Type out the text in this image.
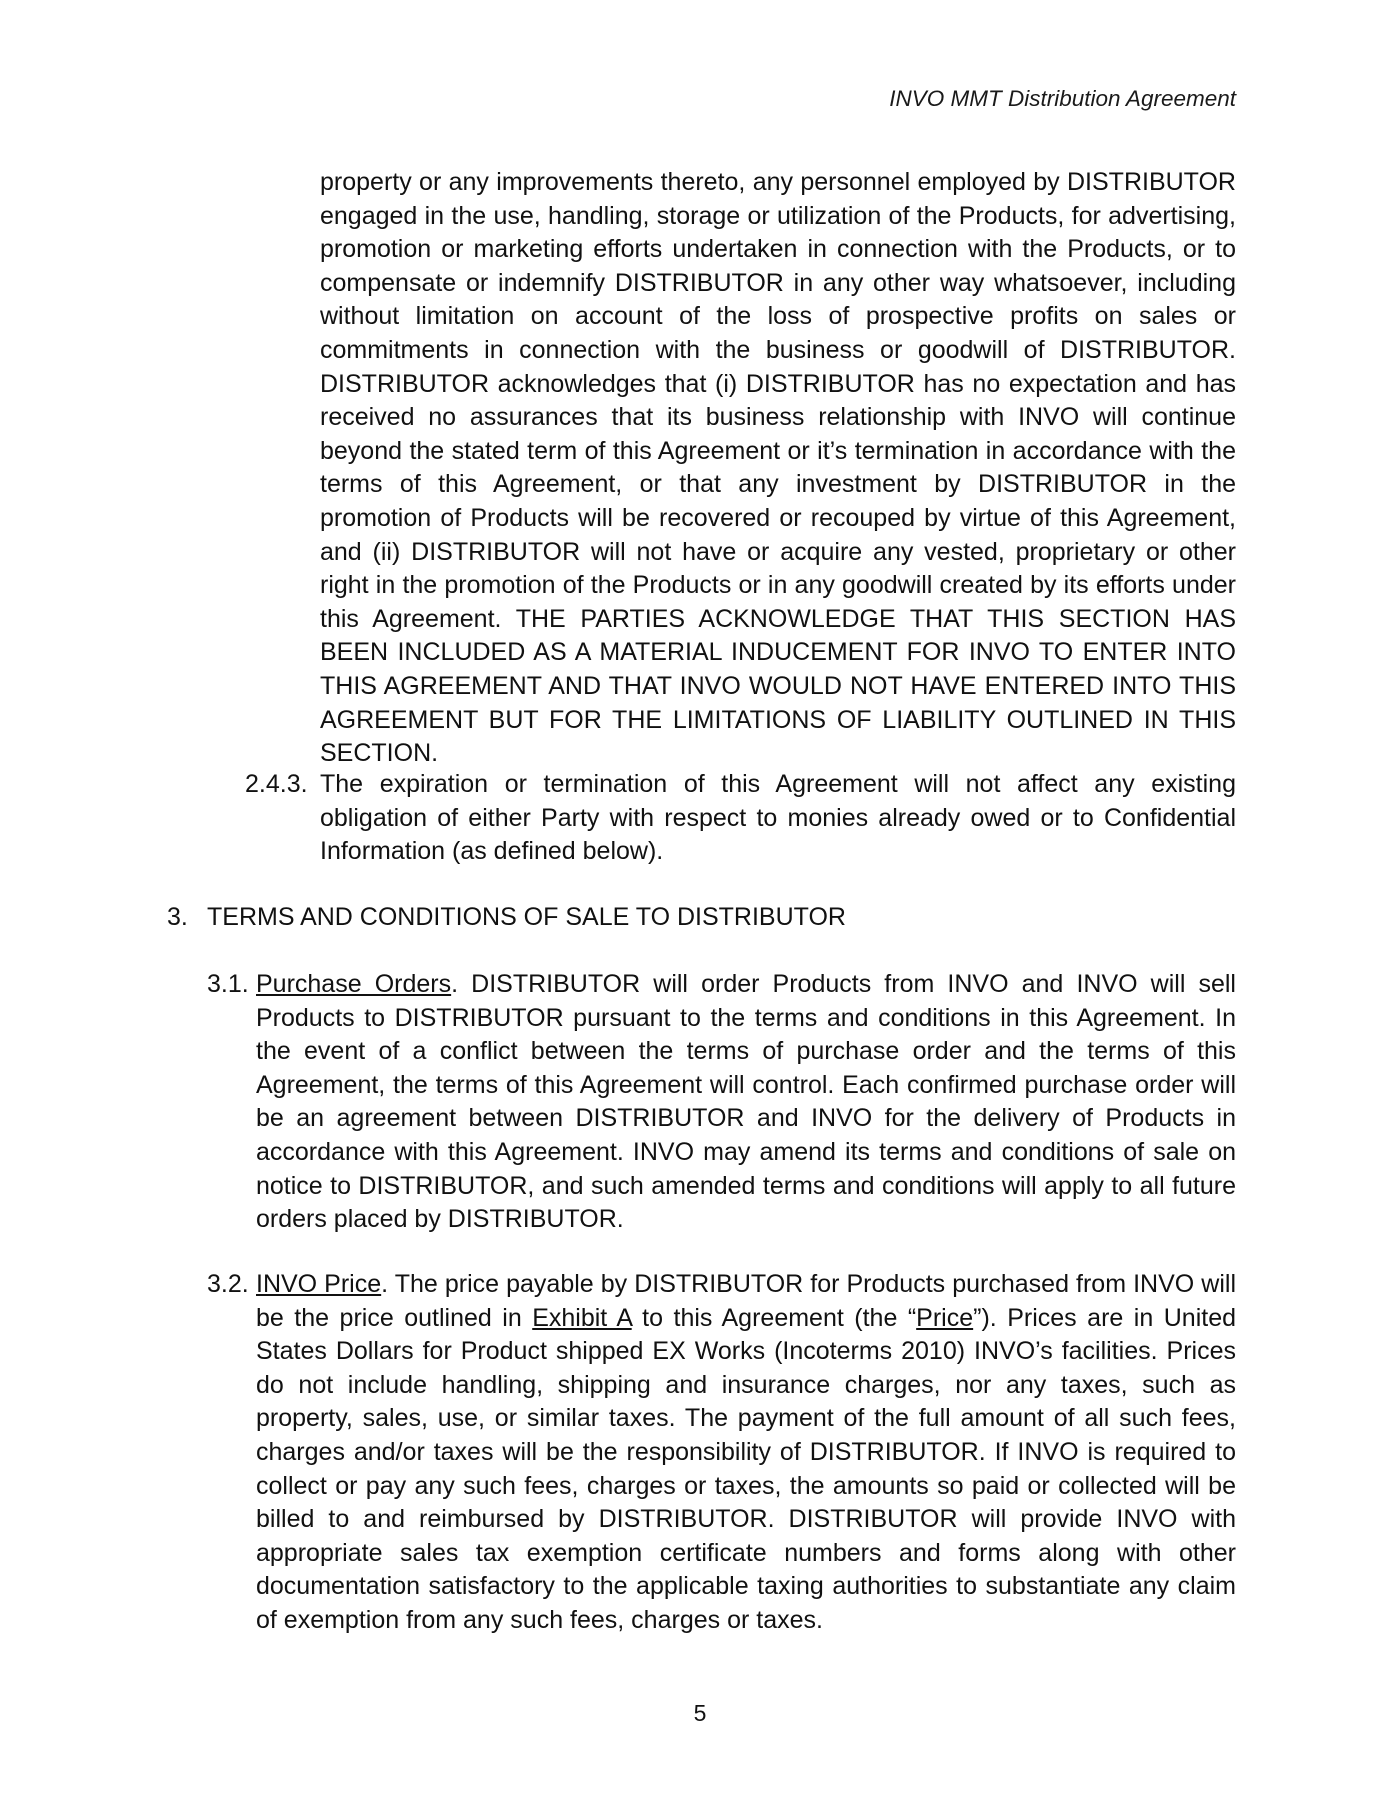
INVO MMT Distribution Agreement

property or any improvements thereto, any personnel employed by DISTRIBUTOR engaged in the use, handling, storage or utilization of the Products, for advertising, promotion or marketing efforts undertaken in connection with the Products, or to compensate or indemnify DISTRIBUTOR in any other way whatsoever, including without limitation on account of the loss of prospective profits on sales or commitments in connection with the business or goodwill of DISTRIBUTOR. DISTRIBUTOR acknowledges that (i) DISTRIBUTOR has no expectation and has received no assurances that its business relationship with INVO will continue beyond the stated term of this Agreement or it’s termination in accordance with the terms of this Agreement, or that any investment by DISTRIBUTOR in the promotion of Products will be recovered or recouped by virtue of this Agreement, and (ii) DISTRIBUTOR will not have or acquire any vested, proprietary or other right in the promotion of the Products or in any goodwill created by its efforts under this Agreement. THE PARTIES ACKNOWLEDGE THAT THIS SECTION HAS BEEN INCLUDED AS A MATERIAL INDUCEMENT FOR INVO TO ENTER INTO THIS AGREEMENT AND THAT INVO WOULD NOT HAVE ENTERED INTO THIS AGREEMENT BUT FOR THE LIMITATIONS OF LIABILITY OUTLINED IN THIS SECTION.

2.4.3. The expiration or termination of this Agreement will not affect any existing obligation of either Party with respect to monies already owed or to Confidential Information (as defined below).

3. TERMS AND CONDITIONS OF SALE TO DISTRIBUTOR

3.1. Purchase Orders. DISTRIBUTOR will order Products from INVO and INVO will sell Products to DISTRIBUTOR pursuant to the terms and conditions in this Agreement. In the event of a conflict between the terms of purchase order and the terms of this Agreement, the terms of this Agreement will control. Each confirmed purchase order will be an agreement between DISTRIBUTOR and INVO for the delivery of Products in accordance with this Agreement. INVO may amend its terms and conditions of sale on notice to DISTRIBUTOR, and such amended terms and conditions will apply to all future orders placed by DISTRIBUTOR.

3.2. INVO Price. The price payable by DISTRIBUTOR for Products purchased from INVO will be the price outlined in Exhibit A to this Agreement (the “Price”). Prices are in United States Dollars for Product shipped EX Works (Incoterms 2010) INVO’s facilities. Prices do not include handling, shipping and insurance charges, nor any taxes, such as property, sales, use, or similar taxes. The payment of the full amount of all such fees, charges and/or taxes will be the responsibility of DISTRIBUTOR. If INVO is required to collect or pay any such fees, charges or taxes, the amounts so paid or collected will be billed to and reimbursed by DISTRIBUTOR. DISTRIBUTOR will provide INVO with appropriate sales tax exemption certificate numbers and forms along with other documentation satisfactory to the applicable taxing authorities to substantiate any claim of exemption from any such fees, charges or taxes.

5
